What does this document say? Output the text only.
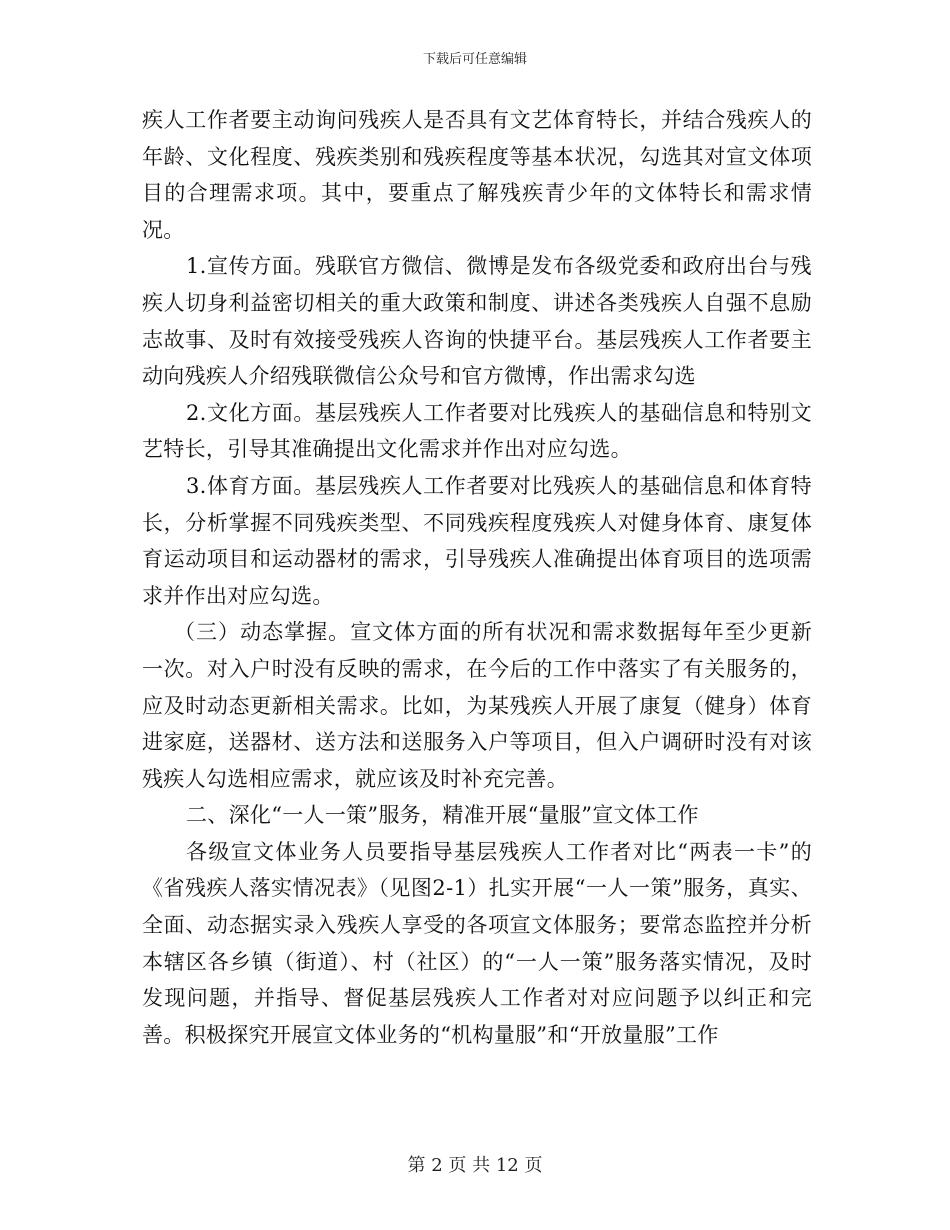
下载后可任意编辑

疾人工作者要主动询问残疾人是否具有文艺体育特长，并结合残疾人的年龄、文化程度、残疾类别和残疾程度等基本状况，勾选其对宣文体项目的合理需求项。其中，要重点了解残疾青少年的文体特长和需求情况。

1.宣传方面。残联官方微信、微博是发布各级党委和政府出台与残疾人切身利益密切相关的重大政策和制度、讲述各类残疾人自强不息励志故事、及时有效接受残疾人咨询的快捷平台。基层残疾人工作者要主动向残疾人介绍残联微信公众号和官方微博，作出需求勾选

2.文化方面。基层残疾人工作者要对比残疾人的基础信息和特别文艺特长，引导其准确提出文化需求并作出对应勾选。

3.体育方面。基层残疾人工作者要对比残疾人的基础信息和体育特长，分析掌握不同残疾类型、不同残疾程度残疾人对健身体育、康复体育运动项目和运动器材的需求，引导残疾人准确提出体育项目的选项需求并作出对应勾选。

（三）动态掌握。宣文体方面的所有状况和需求数据每年至少更新一次。对入户时没有反映的需求，在今后的工作中落实了有关服务的，应及时动态更新相关需求。比如，为某残疾人开展了康复（健身）体育进家庭，送器材、送方法和送服务入户等项目，但入户调研时没有对该残疾人勾选相应需求，就应该及时补充完善。

二、深化“一人一策”服务，精准开展“量服”宣文体工作

各级宣文体业务人员要指导基层残疾人工作者对比“两表一卡”的《省残疾人落实情况表》（见图2-1）扎实开展“一人一策”服务，真实、全面、动态据实录入残疾人享受的各项宣文体服务；要常态监控并分析本辖区各乡镇（街道）、村（社区）的“一人一策”服务落实情况，及时发现问题，并指导、督促基层残疾人工作者对对应问题予以纠正和完善。积极探究开展宣文体业务的“机构量服”和“开放量服”工作

第 2 页 共 12 页
